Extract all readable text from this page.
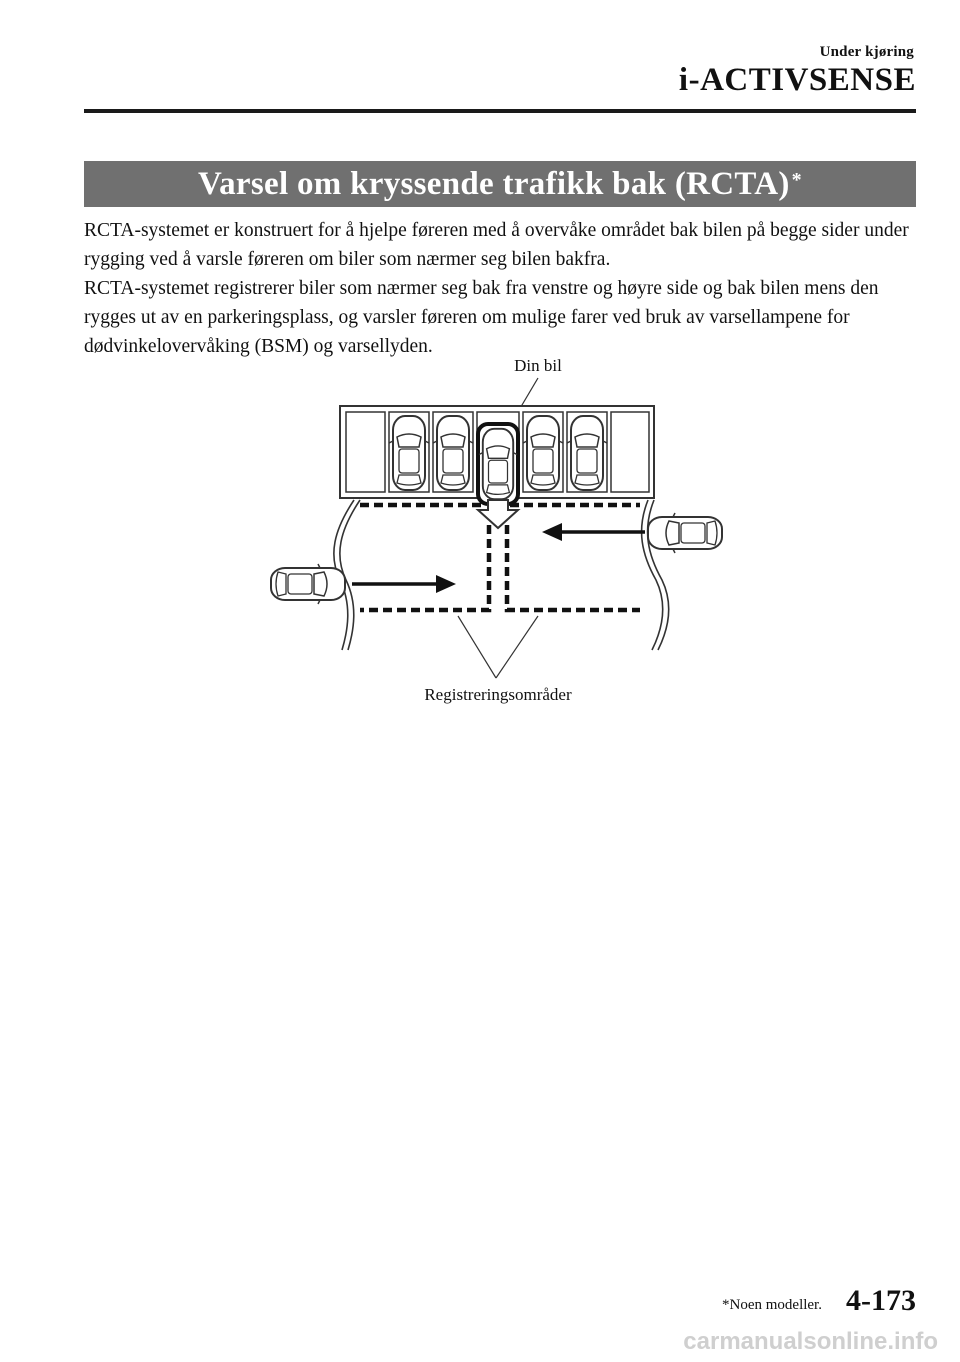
Under kjøring
i-ACTIVSENSE
Varsel om kryssende trafikk bak (RCTA)*

RCTA-systemet er konstruert for å hjelpe føreren med å overvåke området bak bilen på begge sider under rygging ved å varsle føreren om biler som nærmer seg bilen bakfra.

RCTA-systemet registrerer biler som nærmer seg bak fra venstre og høyre side og bak bilen mens den rygges ut av en parkeringsplass, og varsler føreren om mulige farer ved bruk av varsellampene for dødvinkelovervåking (BSM) og varsellyden.

Din bil
Registreringsområder
*Noen modeller. 4-173
carmanualsonline.info
